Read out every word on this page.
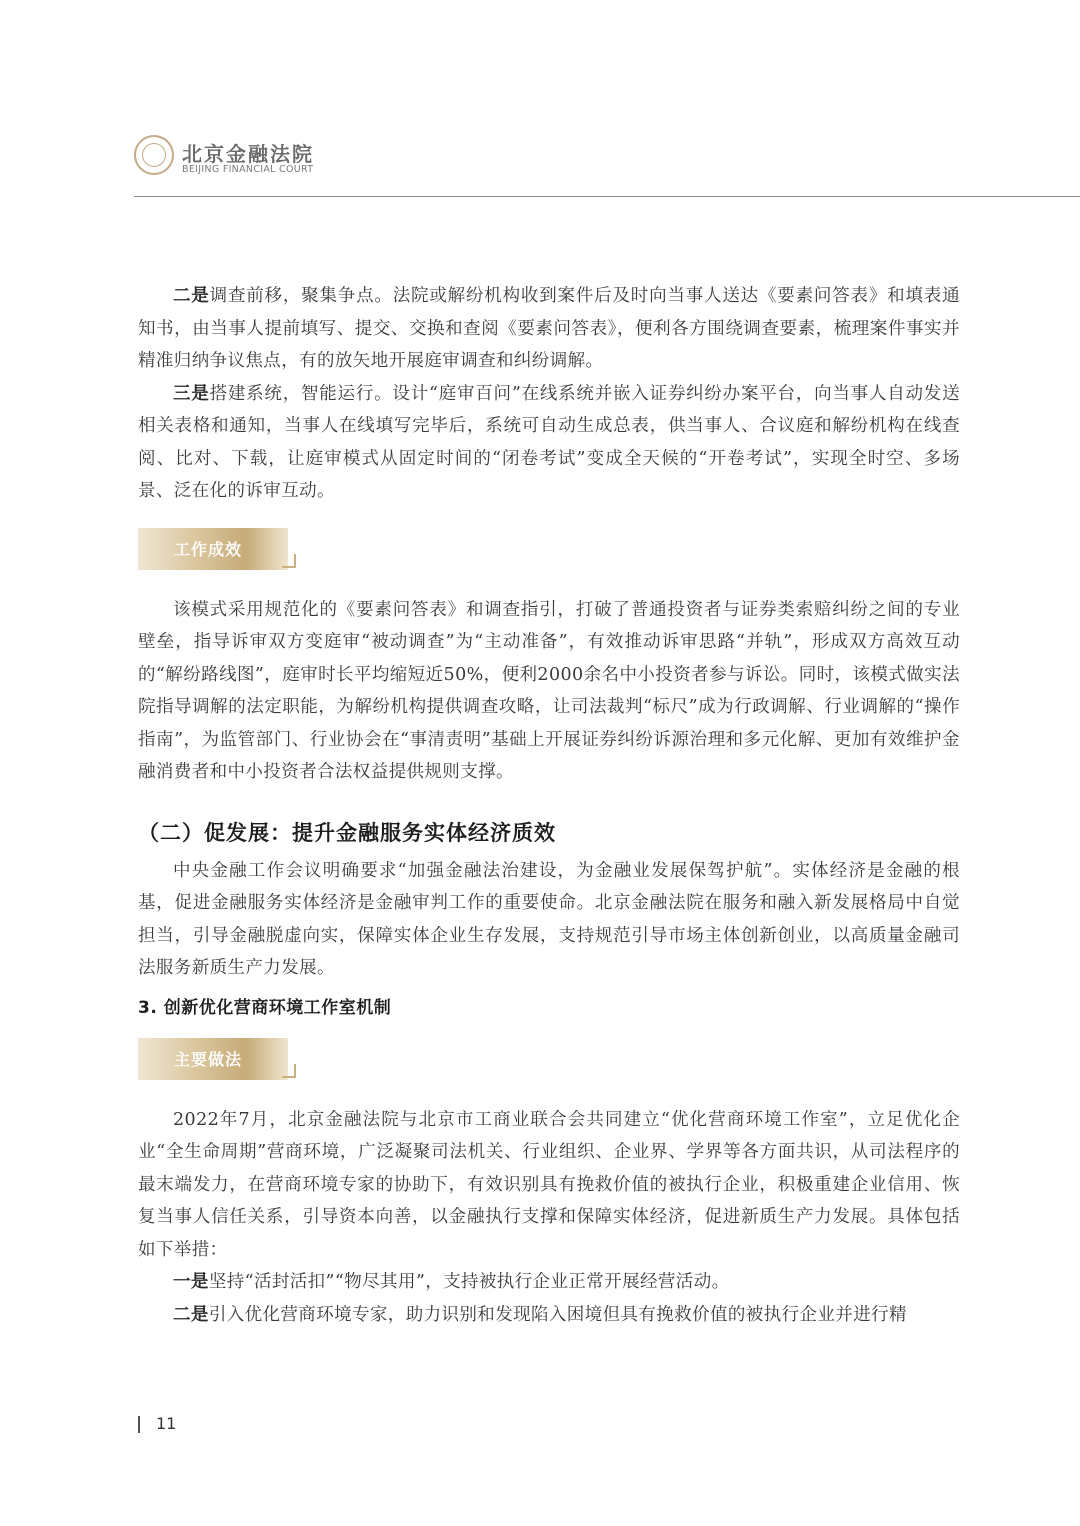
北京金融法院
BEIJING FINANCIAL COURT

二是调查前移，聚集争点。法院或解纷机构收到案件后及时向当事人送达《要素问答表》和填表通知书，由当事人提前填写、提交、交换和查阅《要素问答表》，便利各方围绕调查要素，梳理案件事实并精准归纳争议焦点，有的放矢地开展庭审调查和纠纷调解。

三是搭建系统，智能运行。设计“庭审百问”在线系统并嵌入证券纠纷办案平台，向当事人自动发送相关表格和通知，当事人在线填写完毕后，系统可自动生成总表，供当事人、合议庭和解纷机构在线查阅、比对、下载，让庭审模式从固定时间的“闭卷考试”变成全天候的“开卷考试”，实现全时空、多场景、泛在化的诉审互动。

工作成效

该模式采用规范化的《要素问答表》和调查指引，打破了普通投资者与证券类索赔纠纷之间的专业壁垒，指导诉审双方变庭审“被动调查”为“主动准备”，有效推动诉审思路“并轨”，形成双方高效互动的“解纷路线图”，庭审时长平均缩短近50%，便利2000余名中小投资者参与诉讼。同时，该模式做实法院指导调解的法定职能，为解纷机构提供调查攻略，让司法裁判“标尺”成为行政调解、行业调解的“操作指南”，为监管部门、行业协会在“事清责明”基础上开展证券纠纷诉源治理和多元化解、更加有效维护金融消费者和中小投资者合法权益提供规则支撑。

（二）促发展：提升金融服务实体经济质效

中央金融工作会议明确要求“加强金融法治建设，为金融业发展保驾护航”。实体经济是金融的根基，促进金融服务实体经济是金融审判工作的重要使命。北京金融法院在服务和融入新发展格局中自觉担当，引导金融脱虚向实，保障实体企业生存发展，支持规范引导市场主体创新创业，以高质量金融司法服务新质生产力发展。

3. 创新优化营商环境工作室机制
主要做法

2022年7月，北京金融法院与北京市工商业联合会共同建立“优化营商环境工作室”，立足优化企业“全生命周期”营商环境，广泛凝聚司法机关、行业组织、企业界、学界等各方面共识，从司法程序的最末端发力，在营商环境专家的协助下，有效识别具有挽救价值的被执行企业，积极重建企业信用、恢复当事人信任关系，引导资本向善，以金融执行支撑和保障实体经济，促进新质生产力发展。具体包括如下举措：

一是坚持“活封活扣”“物尽其用”，支持被执行企业正常开展经营活动。

二是引入优化营商环境专家，助力识别和发现陷入困境但具有挽救价值的被执行企业并进行精

11
